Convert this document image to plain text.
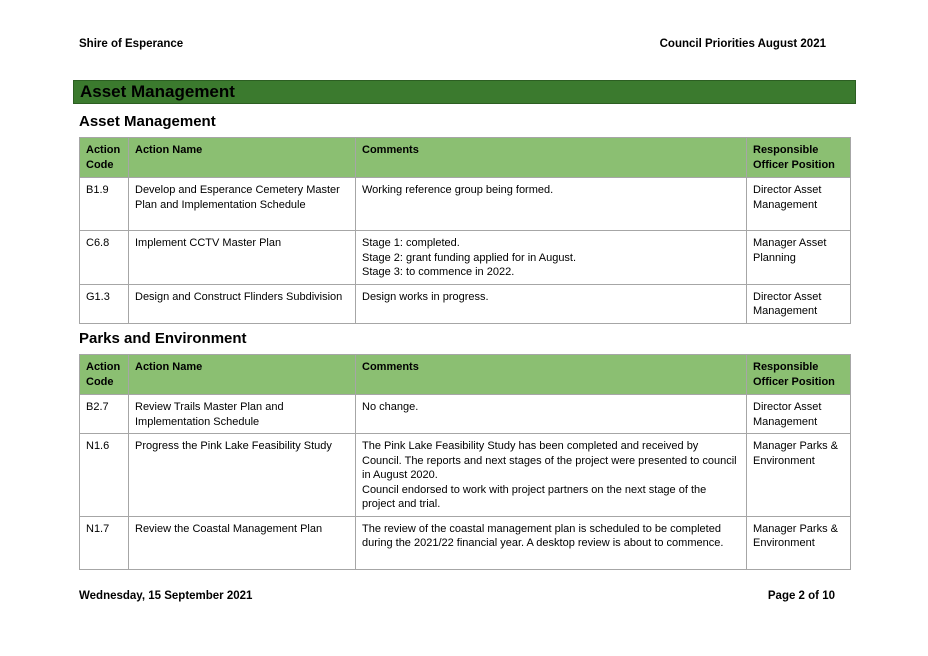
Shire of Esperance	Council Priorities August 2021
Asset Management
Asset Management
Action Code	Action Name	Comments	Responsible Officer Position
B1.9	Develop and Esperance Cemetery Master Plan and Implementation Schedule	Working reference group being formed.	Director Asset Management
C6.8	Implement CCTV Master Plan	Stage 1: completed.
Stage 2: grant funding applied for in August.
Stage 3: to commence in 2022.	Manager Asset Planning
G1.3	Design and Construct Flinders Subdivision	Design works in progress.	Director Asset Management
Parks and Environment
Action Code	Action Name	Comments	Responsible Officer Position
B2.7	Review Trails Master Plan and Implementation Schedule	No change.	Director Asset Management
N1.6	Progress the Pink Lake Feasibility Study	The Pink Lake Feasibility Study has been completed and received by Council. The reports and next stages of the project were presented to council in August 2020.
Council endorsed to work with project partners on the next stage of the project and trial.	Manager Parks & Environment
N1.7	Review the Coastal Management Plan	The review of the coastal management plan is scheduled to be completed during the 2021/22 financial year. A desktop review is about to commence.	Manager Parks & Environment
Wednesday, 15 September 2021	Page 2 of 10
